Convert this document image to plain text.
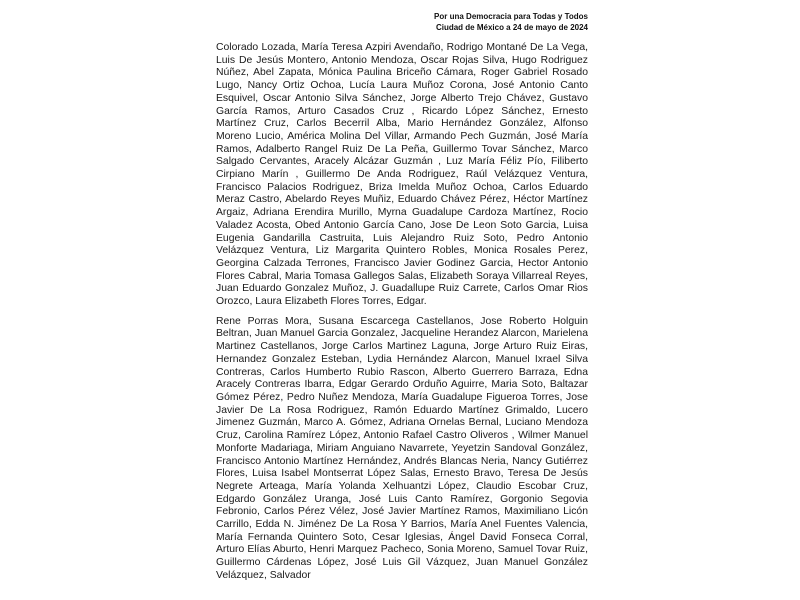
Por una Democracia para Todas y Todos
Ciudad de México a 24 de mayo de 2024

Colorado Lozada, María Teresa Azpiri Avendaño, Rodrigo Montané De La Vega, Luis De Jesús Montero, Antonio Mendoza, Oscar Rojas Silva, Hugo Rodriguez Núñez, Abel Zapata, Mónica Paulina Briceño Cámara, Roger Gabriel Rosado Lugo, Nancy Ortiz Ochoa, Lucía Laura Muñoz Corona, José Antonio Canto Esquivel, Oscar Antonio Silva Sánchez, Jorge Alberto Trejo Chávez, Gustavo García Ramos, Arturo Casados Cruz , Ricardo López Sánchez, Ernesto Martínez Cruz, Carlos Becerril Alba, Mario Hernández González, Alfonso Moreno Lucio, América Molina Del Villar, Armando Pech Guzmán, José María Ramos, Adalberto Rangel Ruiz De La Peña, Guillermo Tovar Sánchez, Marco Salgado Cervantes, Aracely Alcázar Guzmán , Luz María Féliz Pío, Filiberto Cirpiano Marín , Guillermo De Anda Rodriguez, Raúl Velázquez Ventura, Francisco Palacios Rodriguez, Briza Imelda Muñoz Ochoa, Carlos Eduardo Meraz Castro, Abelardo Reyes Muñiz, Eduardo Chávez Pérez, Héctor Martínez Argaiz, Adriana Erendira Murillo, Myrna Guadalupe Cardoza Martínez, Rocio Valadez Acosta, Obed Antonio García Cano, Jose De Leon Soto Garcia, Luisa Eugenia Gandarilla Castruita, Luis Alejandro Ruiz Soto, Pedro Antonio Velázquez Ventura, Liz Margarita Quintero Robles, Monica Rosales Perez, Georgina Calzada Terrones, Francisco Javier Godinez Garcia, Hector Antonio Flores Cabral, Maria Tomasa Gallegos Salas, Elizabeth Soraya Villarreal Reyes, Juan Eduardo Gonzalez Muñoz, J. Guadallupe Ruiz Carrete, Carlos Omar Rios Orozco, Laura Elizabeth Flores Torres, Edgar.

Rene Porras Mora, Susana Escarcega Castellanos, Jose Roberto Holguin Beltran, Juan Manuel Garcia Gonzalez, Jacqueline Herandez Alarcon, Marielena Martinez Castellanos, Jorge Carlos Martinez Laguna, Jorge Arturo Ruiz Eiras, Hernandez Gonzalez Esteban, Lydia Hernández Alarcon, Manuel Ixrael Silva Contreras, Carlos Humberto Rubio Rascon, Alberto Guerrero Barraza, Edna Aracely Contreras Ibarra, Edgar Gerardo Orduño Aguirre, Maria Soto, Baltazar Gómez Pérez, Pedro Nuñez Mendoza, María Guadalupe Figueroa Torres, Jose Javier De La Rosa Rodriguez, Ramón Eduardo Martínez Grimaldo, Lucero Jimenez Guzmán, Marco A. Gómez, Adriana Ornelas Bernal, Luciano Mendoza Cruz, Carolina Ramírez López, Antonio Rafael Castro Oliveros , Wilmer Manuel Monforte Madariaga, Miriam Anguiano Navarrete, Yeyetzin Sandoval González, Francisco Antonio Martínez Hernández, Andrés Blancas Neria, Nancy Gutiérrez Flores, Luisa Isabel Montserrat López Salas, Ernesto Bravo, Teresa De Jesús Negrete Arteaga, María Yolanda Xelhuantzi López, Claudio Escobar Cruz, Edgardo González Uranga, José Luis Canto Ramírez, Gorgonio Segovia Febronio, Carlos Pérez Vélez, José Javier Martínez Ramos, Maximiliano Licón Carrillo, Edda N. Jiménez De La Rosa Y Barrios, María Anel Fuentes Valencia, María Fernanda Quintero Soto, Cesar Iglesias, Ángel David Fonseca Corral, Arturo Elías Aburto, Henri Marquez Pacheco, Sonia Moreno, Samuel Tovar Ruiz, Guillermo Cárdenas López, José Luis Gil Vázquez, Juan Manuel González Velázquez, Salvador
